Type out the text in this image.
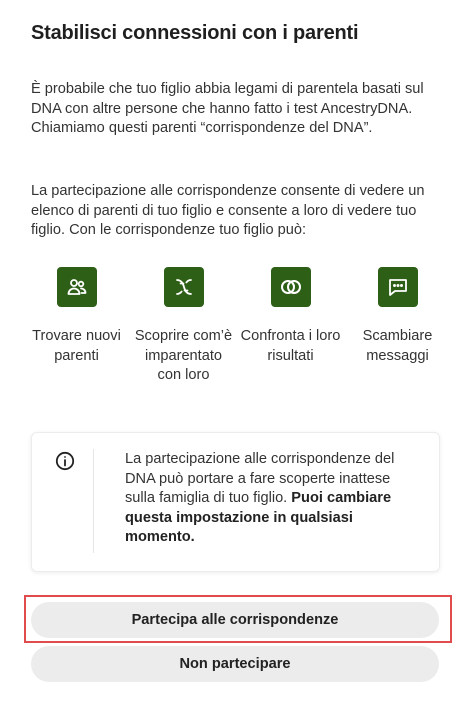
Stabilisci connessioni con i parenti
È probabile che tuo figlio abbia legami di parentela basati sul DNA con altre persone che hanno fatto i test AncestryDNA. Chiamiamo questi parenti “corrispondenze del DNA”.
La partecipazione alle corrispondenze consente di vedere un elenco di parenti di tuo figlio e consente a loro di vedere tuo figlio. Con le corrispondenze tuo figlio può:
Trovare nuovi parenti
Scoprire com’è imparentato con loro
Confronta i loro risultati
Scambiare messaggi
La partecipazione alle corrispondenze del DNA può portare a fare scoperte inattese sulla famiglia di tuo figlio. Puoi cambiare questa impostazione in qualsiasi momento.
Partecipa alle corrispondenze
Non partecipare
